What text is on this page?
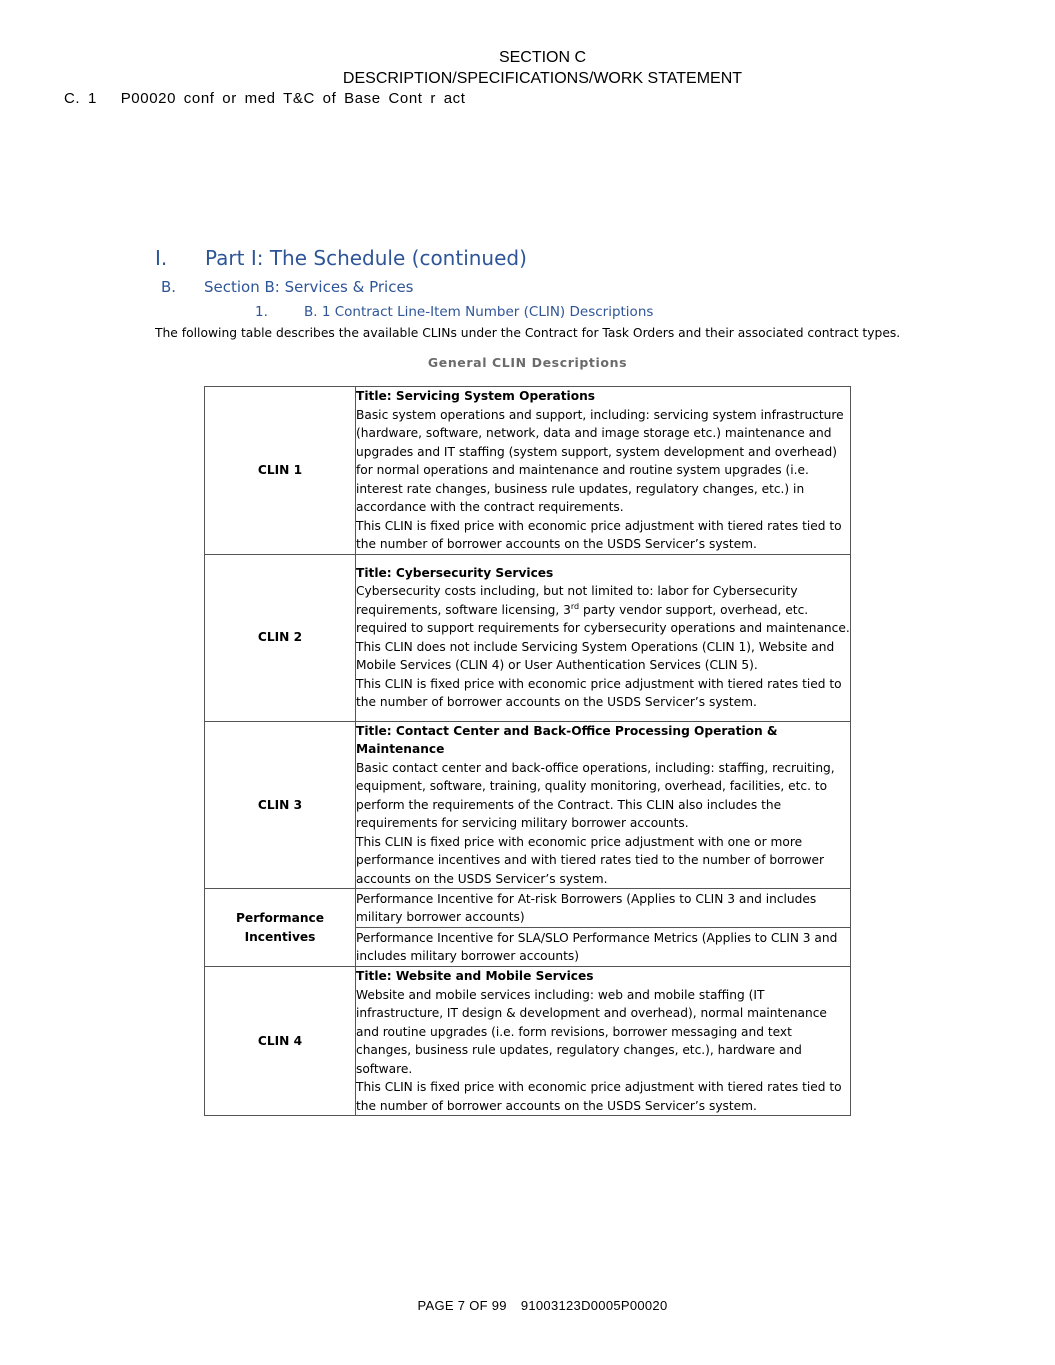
SECTION C
DESCRIPTION/SPECIFICATIONS/WORK STATEMENT
C. 1 P00020 conf or med T&C of Base Cont r act
I. Part I: The Schedule (continued)
B. Section B: Services & Prices
1.	B. 1 Contract Line-Item Number (CLIN) Descriptions
The following table describes the available CLINs under the Contract for Task Orders and their associated contract types.
General CLIN Descriptions
CLIN 1	Title: Servicing System Operations

Basic system operations and support, including: servicing system infrastructure (hardware, software, network, data and image storage etc.) maintenance and upgrades and IT staffing (system support, system development and overhead) for normal operations and maintenance and routine system upgrades (i.e. interest rate changes, business rule updates, regulatory changes, etc.) in accordance with the contract requirements.

This CLIN is fixed price with economic price adjustment with tiered rates tied to the number of borrower accounts on the USDS Servicer’s system.

CLIN 2	Title: Cybersecurity Services

Cybersecurity costs including, but not limited to: labor for Cybersecurity requirements, software licensing, 3rd party vendor support, overhead, etc. required to support requirements for cybersecurity operations and maintenance. This CLIN does not include Servicing System Operations (CLIN 1), Website and Mobile Services (CLIN 4) or User Authentication Services (CLIN 5).

This CLIN is fixed price with economic price adjustment with tiered rates tied to the number of borrower accounts on the USDS Servicer’s system.

CLIN 3	Title: Contact Center and Back-Office Processing Operation & Maintenance

Basic contact center and back-office operations, including: staffing, recruiting, equipment, software, training, quality monitoring, overhead, facilities, etc. to perform the requirements of the Contract. This CLIN also includes the requirements for servicing military borrower accounts.

This CLIN is fixed price with economic price adjustment with one or more performance incentives and with tiered rates tied to the number of borrower accounts on the USDS Servicer’s system.

Performance Incentives	Performance Incentive for At-risk Borrowers (Applies to CLIN 3 and includes military borrower accounts)
	Performance Incentive for SLA/SLO Performance Metrics (Applies to CLIN 3 and includes military borrower accounts)
CLIN 4	Title: Website and Mobile Services

Website and mobile services including: web and mobile staffing (IT infrastructure, IT design & development and overhead), normal maintenance and routine upgrades (i.e. form revisions, borrower messaging and text changes, business rule updates, regulatory changes, etc.), hardware and software.

This CLIN is fixed price with economic price adjustment with tiered rates tied to the number of borrower accounts on the USDS Servicer’s system.

PAGE 7 OF 99 91003123D0005P00020
